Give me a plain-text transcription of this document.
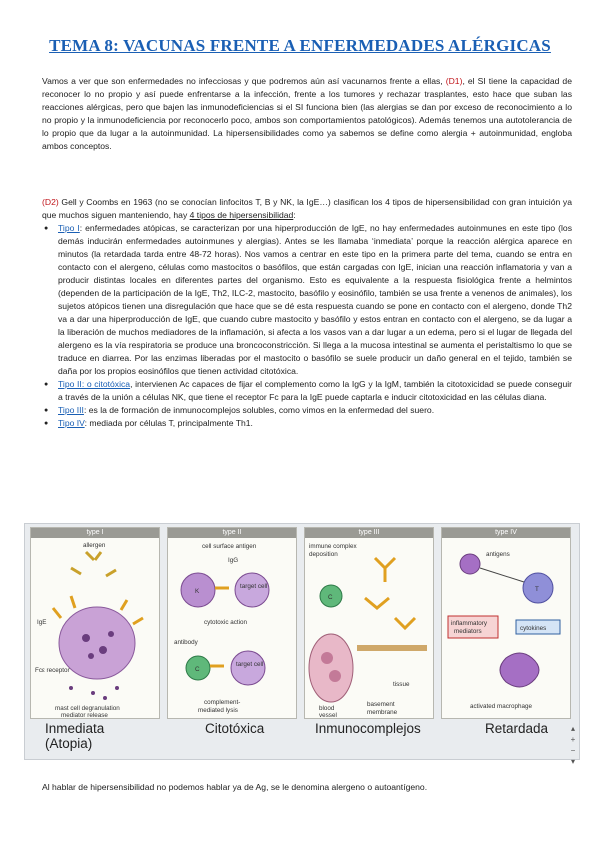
TEMA 8: VACUNAS FRENTE A ENFERMEDADES ALÉRGICAS
Vamos a ver que son enfermedades no infecciosas y que podremos aún así vacunarnos frente a ellas, (D1), el SI tiene la capacidad de reconocer lo no propio y así puede enfrentarse a la infección, frente a los tumores y rechazar trasplantes, esto hace que suban las reacciones alérgicas, pero que bajen las inmunodeficiencias si el SI funciona bien (las alergias se dan por exceso de reconocimiento a lo no propio y la inmunodeficiencia por reconocerlo poco, ambos son comportamientos patológicos). Además tenemos una autotolerancia de lo propio que da lugar a la autoinmunidad. La hipersensibilidades como ya sabemos se define como alergia + autoinmunidad, engloba ambos conceptos.
(D2) Gell y Coombs en 1963 (no se conocían linfocitos T, B y NK, la IgE…) clasifican los 4 tipos de hipersensibilidad con gran intuición ya que muchos siguen manteniendo, hay 4 tipos de hipersensibilidad:
● Tipo I: enfermedades atópicas, se caracterizan por una hiperproducción de IgE, no hay enfermedades autoinmunes en este tipo (los demás inducirán enfermedades autoinmunes y alergias). Antes se les llamaba ‘inmediata’ porque la reacción alérgica aparece en minutos (la retardada tarda entre 48-72 horas). Nos vamos a centrar en este tipo en la primera parte del tema, cuando se entra en contacto con el alergeno, células como mastocitos o basófilos, que están cargadas con IgE, inician una reacción inflamatoria y van a producir distintas locales en diferentes partes del organismo. Esto es equivalente a la respuesta fisiológica frente a helmintos (dependen de la participación de la IgE, Th2, ILC-2, mastocito, basófilo y eosinófilo, también se usa frente a venenos de animales), los sujetos atópicos tienen una disregulación que hace que se dé esta respuesta cuando se pone en contacto con el alergeno, donde Th2 va a dar una hiperproducción de IgE, que cuando cubre mastocito y basófilo y estos entran en contacto con el alergeno, se da lugar a la liberación de muchos mediadores de la inflamación, si afecta a los vasos van a dar lugar a un edema, pero si el lugar de llegada del alergeno es la vía respiratoria se produce una broncoconstricción. Si llega a la mucosa intestinal se aumenta el peristaltismo lo que se traduce en diarrea. Por las enzimas liberadas por el mastocito o basófilo se suele producir un daño general en el tejido, también se daña por los propios eosinófilos que tienen actividad citotóxica.
● Tipo II: o citotóxica, intervienen Ac capaces de fijar el complemento como la IgG y la IgM, también la citotoxicidad se puede conseguir a través de la unión a células NK, que tiene el receptor Fc para la IgE puede captarla e inducir citotoxicidad en las células diana.
● Tipo III: es la de formación de inmunocomplejos solubles, como vimos en la enfermedad del suero.
● Tipo IV: mediada por células T, principalmente Th1.
type I
allergen
IgE
Fcε receptor
mast cell degranulation
mediator release
type II
cell surface antigen
IgG
K
target cell
cytotoxic action
antibody
C
target cell
complement-
mediated lysis
type III
immune complex
deposition
C
tissue
blood
vessel
basement
membrane
type IV
antigens
T
inflammatory
mediators	cytokines
activated macrophage
Inmediata
(Atopia)
Citotóxica	Inmunocomplejos	Retardada	▴
+
−
▾
Al hablar de hipersensibilidad no podemos hablar ya de Ag, se le denomina alergeno o autoantígeno.
